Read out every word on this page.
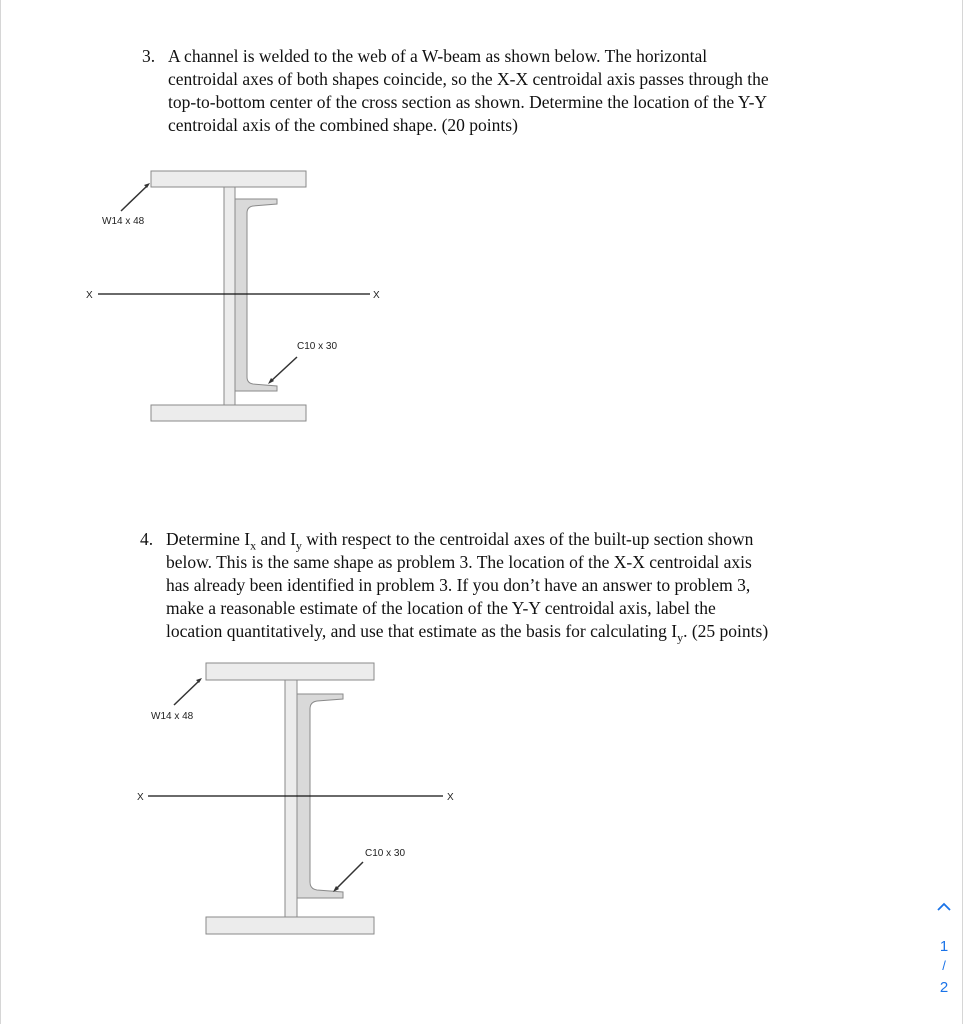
3. A channel is welded to the web of a W-beam as shown below. The horizontal
centroidal axes of both shapes coincide, so the X-X centroidal axis passes through the
top-to-bottom center of the cross section as shown. Determine the location of the Y-Y
centroidal axis of the combined shape. (20 points)
X	X
W14 x 48
C10 x 30
4. Determine $I_x$ and $I_y$ with respect to the centroidal axes of the built-up section shown
below. This is the same shape as problem 3. The location of the X-X centroidal axis
has already been identified in problem 3. If you don’t have an answer to problem 3,
make a reasonable estimate of the location of the Y-Y centroidal axis, label the
location quantitatively, and use that estimate as the basis for calculating $I_y$. (25 points)
X	X
W14 x 48
C10 x 30
1
/
2
